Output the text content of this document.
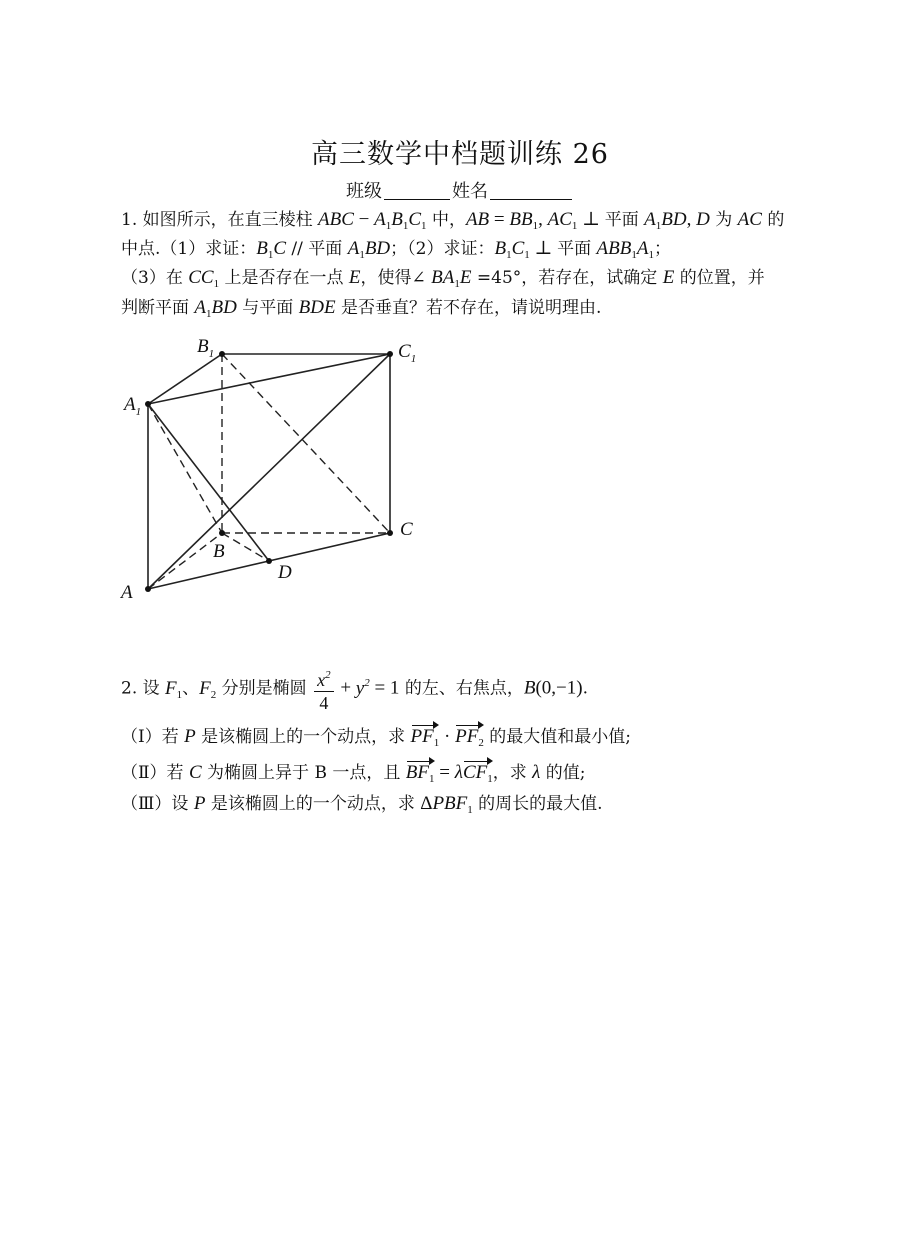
高三数学中档题训练 26
班级	姓名
1. 如图所示，在直三棱柱 ABC − $A_1B_1C_1$ 中，AB = $BB_1$, $AC_1$ ⊥ 平面 $A_1BD$, D 为 AC 的
中点.（1）求证：$B_1C$ // 平面 $A_1BD$；（2）求证：$B_1C_1$ ⊥ 平面 $ABB_1A_1$；
（3）在 $CC_1$ 上是否存在一点 E，使得∠ $BA_1E =45^\circ$，若存在，试确定 E 的位置，并
判断平面 $A_1BD$ 与平面 BDE 是否垂直？若不存在，请说明理由.
A
$A_1$
B
$B_1$
C
$C_1$
D
2. 设 $F_1$、$F_2$ 分别是椭圆 $\frac{x^2}{4} + y^2 = 1$ 的左、右焦点，B(0,−1).
（Ⅰ）若 P 是该椭圆上的一个动点，求 $PF_1 \cdot PF_2$ 的最大值和最小值;
（Ⅱ）若 C 为椭圆上异于 B 一点，且 $BF_1 = \lambda CF_1$，求 λ 的值;
（Ⅲ）设 P 是该椭圆上的一个动点，求 $\Delta PBF_1$ 的周长的最大值.
